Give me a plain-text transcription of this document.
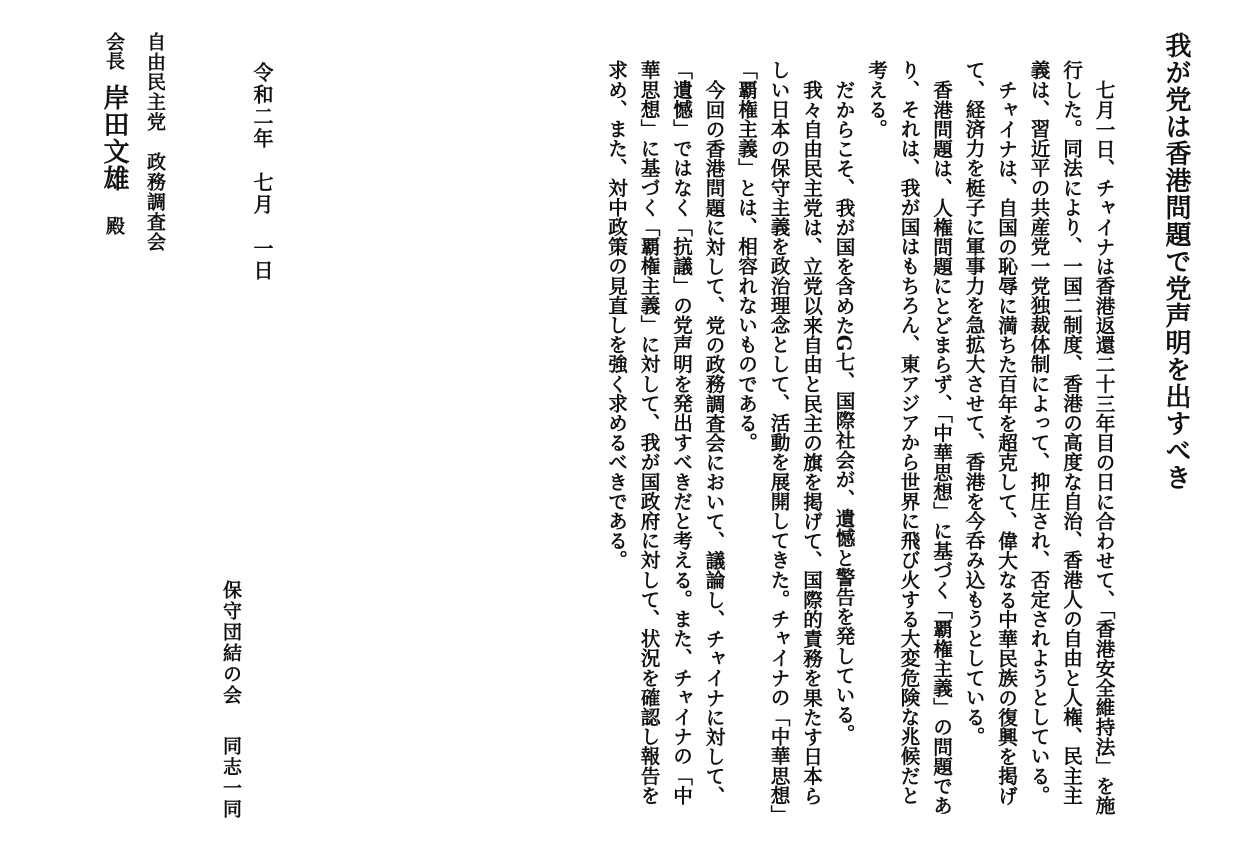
我が党は香港問題で党声明を出すべき

七月一日、チャイナは香港返還二十三年目の日に合わせて、「香港安全維持法」を施行した。同法により、一国二制度、香港の高度な自治、香港人の自由と人権、民主主義は、習近平の共産党一党独裁体制によって、抑圧され、否定されようとしている。

チャイナは、自国の恥辱に満ちた百年を超克して、偉大なる中華民族の復興を掲げて、経済力を梃子に軍事力を急拡大させて、香港を今呑み込もうとしている。

香港問題は、人権問題にとどまらず、「中華思想」に基づく「覇権主義」の問題であり、それは、我が国はもちろん、東アジアから世界に飛び火する大変危険な兆候だと考える。

だからこそ、我が国を含めたG七、国際社会が、遺憾と警告を発している。

我々自由民主党は、立党以来自由と民主の旗を掲げて、国際的責務を果たす日本らしい日本の保守主義を政治理念として、活動を展開してきた。チャイナの「中華思想」「覇権主義」とは、相容れないものである。

今回の香港問題に対して、党の政務調査会において、議論し、チャイナに対して、「遺憾」ではなく「抗議」の党声明を発出すべきだと考える。また、チャイナの「中華思想」に基づく「覇権主義」に対して、我が国政府に対して、状況を確認し報告を求め、また、対中政策の見直しを強く求めるべきである。

保守団結の会同志一同
令和二年　七月　一日
自由民主党　政務調査会
会長岸田文雄殿
